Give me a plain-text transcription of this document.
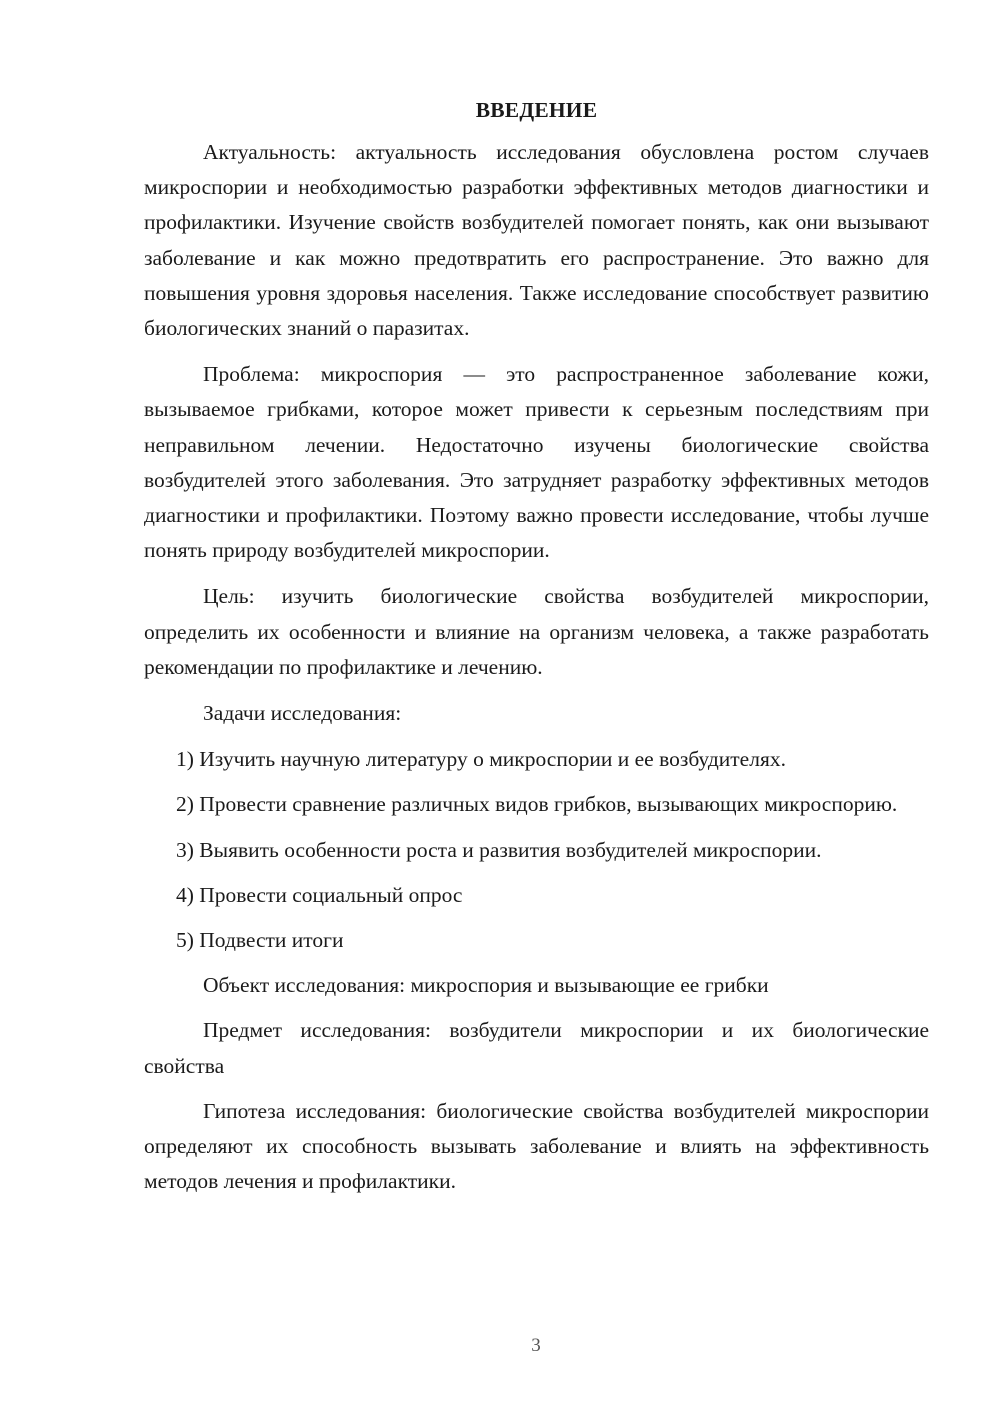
ВВЕДЕНИЕ

Актуальность: актуальность исследования обусловлена ростом случаев микроспории и необходимостью разработки эффективных методов диагностики и профилактики. Изучение свойств возбудителей помогает понять, как они вызывают заболевание и как можно предотвратить его распространение. Это важно для повышения уровня здоровья населения. Также исследование способствует развитию биологических знаний о паразитах.

Проблема: микроспория — это распространенное заболевание кожи, вызываемое грибками, которое может привести к серьезным последствиям при неправильном лечении. Недостаточно изучены биологические свойства возбудителей этого заболевания. Это затрудняет разработку эффективных методов диагностики и профилактики. Поэтому важно провести исследование, чтобы лучше понять природу возбудителей микроспории.

Цель: изучить биологические свойства возбудителей микроспории, определить их особенности и влияние на организм человека, а также разработать рекомендации по профилактике и лечению.

Задачи исследования:

1) Изучить научную литературу о микроспории и ее возбудителях.

2) Провести сравнение различных видов грибков, вызывающих микроспорию.

3) Выявить особенности роста и развития возбудителей микроспории.

4) Провести социальный опрос

5) Подвести итоги

Объект исследования: микроспория и вызывающие ее грибки

Предмет исследования: возбудители микроспории и их биологические свойства

Гипотеза исследования: биологические свойства возбудителей микроспории определяют их способность вызывать заболевание и влиять на эффективность методов лечения и профилактики.

3
